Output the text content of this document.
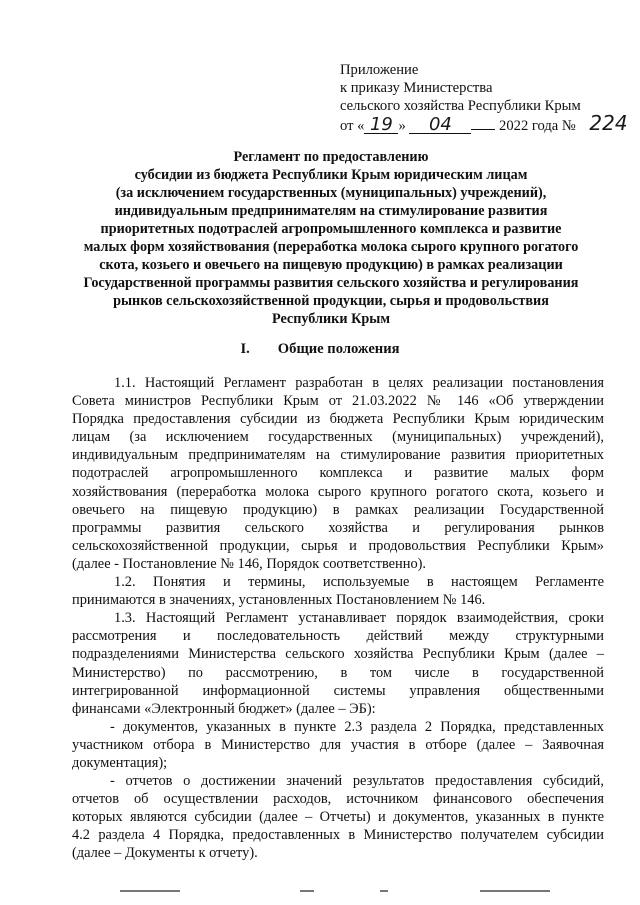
Приложение
к приказу Министерства
сельского хозяйства Республики Крым
от « 19 » 04	2022 года № 224
Регламент по предоставлению
субсидии из бюджета Республики Крым юридическим лицам
(за исключением государственных (муниципальных) учреждений),
индивидуальным предпринимателям на стимулирование развития
приоритетных подотраслей агропромышленного комплекса и развитие
малых форм хозяйствования (переработка молока сырого крупного рогатого
скота, козьего и овечьего на пищевую продукцию) в рамках реализации
Государственной программы развития сельского хозяйства и регулирования
рынков сельскохозяйственной продукции, сырья и продовольствия
Республики Крым
I. Общие положения
1.1. Настоящий Регламент разработан в целях реализации постановления
Совета министров Республики Крым от 21.03.2022 № 146 «Об утверждении
Порядка предоставления субсидии из бюджета Республики Крым юридическим
лицам (за исключением государственных (муниципальных) учреждений),
индивидуальным предпринимателям на стимулирование развития приоритетных
подотраслей агропромышленного комплекса и развитие малых форм
хозяйствования (переработка молока сырого крупного рогатого скота, козьего и
овечьего на пищевую продукцию) в рамках реализации Государственной
программы развития сельского хозяйства и регулирования рынков
сельскохозяйственной продукции, сырья и продовольствия Республики Крым»
(далее - Постановление № 146, Порядок соответственно).
1.2. Понятия и термины, используемые в настоящем Регламенте
принимаются в значениях, установленных Постановлением № 146.
1.3. Настоящий Регламент устанавливает порядок взаимодействия, сроки
рассмотрения и последовательность действий между структурными
подразделениями Министерства сельского хозяйства Республики Крым (далее –
Министерство) по рассмотрению, в том числе в государственной
интегрированной информационной системы управления общественными
финансами «Электронный бюджет» (далее – ЭБ):
- документов, указанных в пункте 2.3 раздела 2 Порядка, представленных
участником отбора в Министерство для участия в отборе (далее – Заявочная
документация);
- отчетов о достижении значений результатов предоставления субсидий,
отчетов об осуществлении расходов, источником финансового обеспечения
которых являются субсидии (далее – Отчеты) и документов, указанных в пункте
4.2 раздела 4 Порядка, предоставленных в Министерство получателем субсидии
(далее – Документы к отчету).
